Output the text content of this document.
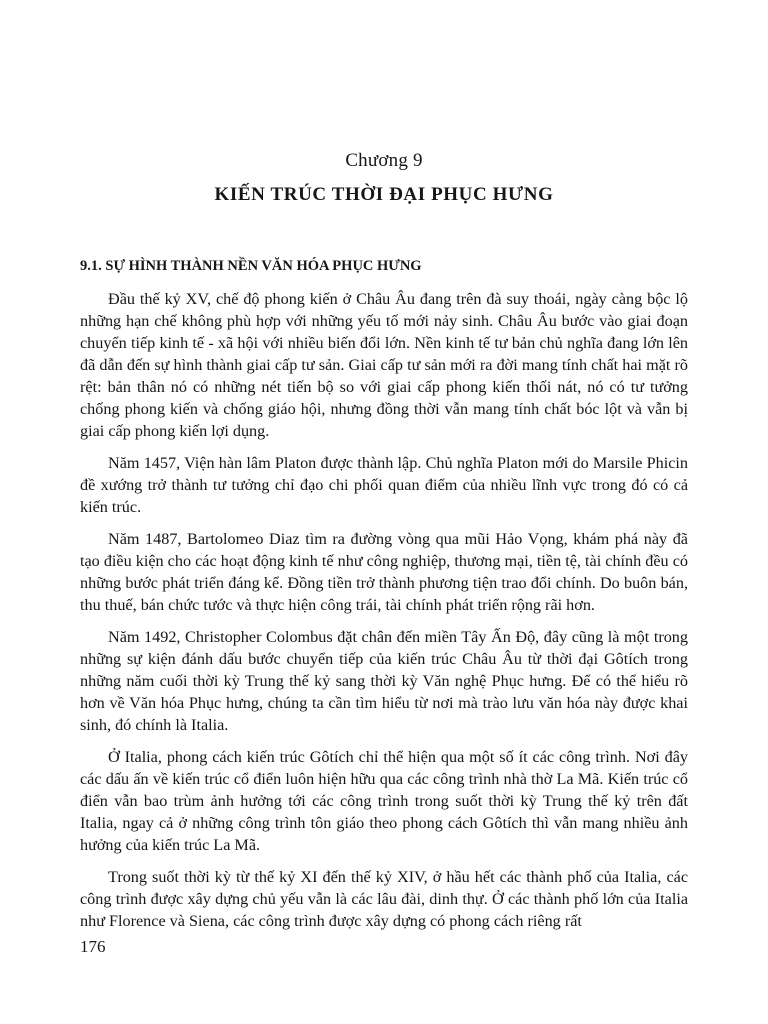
Chương 9
KIẾN TRÚC THỜI ĐẠI PHỤC HƯNG
9.1. SỰ HÌNH THÀNH NỀN VĂN HÓA PHỤC HƯNG

Đầu thế kỷ XV, chế độ phong kiến ở Châu Âu đang trên đà suy thoái, ngày càng bộc lộ những hạn chế không phù hợp với những yếu tố mới nảy sinh. Châu Âu bước vào giai đoạn chuyển tiếp kinh tế - xã hội với nhiều biến đổi lớn. Nền kinh tế tư bản chủ nghĩa đang lớn lên đã dẫn đến sự hình thành giai cấp tư sản. Giai cấp tư sản mới ra đời mang tính chất hai mặt rõ rệt: bản thân nó có những nét tiến bộ so với giai cấp phong kiến thối nát, nó có tư tưởng chống phong kiến và chống giáo hội, nhưng đồng thời vẫn mang tính chất bóc lột và vẫn bị giai cấp phong kiến lợi dụng.

Năm 1457, Viện hàn lâm Platon được thành lập. Chủ nghĩa Platon mới do Marsile Phicin đề xướng trở thành tư tưởng chỉ đạo chi phối quan điểm của nhiều lĩnh vực trong đó có cả kiến trúc.

Năm 1487, Bartolomeo Diaz tìm ra đường vòng qua mũi Hảo Vọng, khám phá này đã tạo điều kiện cho các hoạt động kinh tế như công nghiệp, thương mại, tiền tệ, tài chính đều có những bước phát triển đáng kể. Đồng tiền trở thành phương tiện trao đổi chính. Do buôn bán, thu thuế, bán chức tước và thực hiện công trái, tài chính phát triển rộng rãi hơn.

Năm 1492, Christopher Colombus đặt chân đến miền Tây Ấn Độ, đây cũng là một trong những sự kiện đánh dấu bước chuyển tiếp của kiến trúc Châu Âu từ thời đại Gôtích trong những năm cuối thời kỳ Trung thế kỷ sang thời kỳ Văn nghệ Phục hưng. Để có thể hiểu rõ hơn về Văn hóa Phục hưng, chúng ta cần tìm hiểu từ nơi mà trào lưu văn hóa này được khai sinh, đó chính là Italia.

Ở Italia, phong cách kiến trúc Gôtích chỉ thể hiện qua một số ít các công trình. Nơi đây các dấu ấn về kiến trúc cổ điển luôn hiện hữu qua các công trình nhà thờ La Mã. Kiến trúc cổ điển vẫn bao trùm ảnh hưởng tới các công trình trong suốt thời kỳ Trung thế kỷ trên đất Italia, ngay cả ở những công trình tôn giáo theo phong cách Gôtích thì vẫn mang nhiều ảnh hưởng của kiến trúc La Mã.

Trong suốt thời kỳ từ thế kỷ XI đến thế kỷ XIV, ở hầu hết các thành phố của Italia, các công trình được xây dựng chủ yếu vẫn là các lâu đài, dinh thự. Ở các thành phố lớn của Italia như Florence và Siena, các công trình được xây dựng có phong cách riêng rất

176
